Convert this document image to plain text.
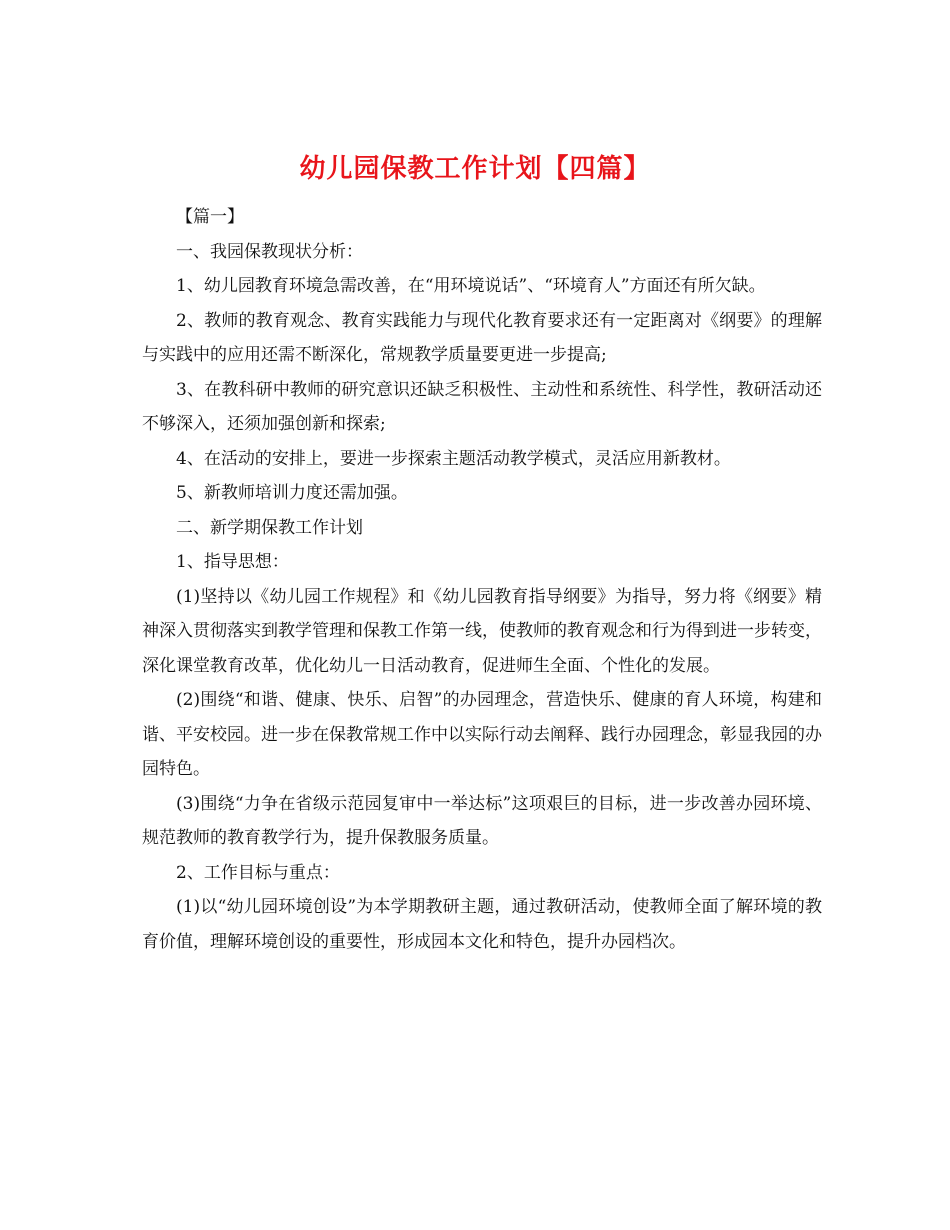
幼儿园保教工作计划【四篇】

【篇一】

一、我园保教现状分析：

1、幼儿园教育环境急需改善，在“用环境说话”、“环境育人”方面还有所欠缺。

2、教师的教育观念、教育实践能力与现代化教育要求还有一定距离对《纲要》的理解与实践中的应用还需不断深化，常规教学质量要更进一步提高;

3、在教科研中教师的研究意识还缺乏积极性、主动性和系统性、科学性，教研活动还不够深入，还须加强创新和探索;

4、在活动的安排上，要进一步探索主题活动教学模式，灵活应用新教材。

5、新教师培训力度还需加强。

二、新学期保教工作计划

1、指导思想：

(1)坚持以《幼儿园工作规程》和《幼儿园教育指导纲要》为指导，努力将《纲要》精神深入贯彻落实到教学管理和保教工作第一线，使教师的教育观念和行为得到进一步转变，深化课堂教育改革，优化幼儿一日活动教育，促进师生全面、个性化的发展。

(2)围绕“和谐、健康、快乐、启智”的办园理念，营造快乐、健康的育人环境，构建和谐、平安校园。进一步在保教常规工作中以实际行动去阐释、践行办园理念，彰显我园的办园特色。

(3)围绕“力争在省级示范园复审中一举达标”这项艰巨的目标，进一步改善办园环境、规范教师的教育教学行为，提升保教服务质量。

2、工作目标与重点：

(1)以“幼儿园环境创设”为本学期教研主题，通过教研活动，使教师全面了解环境的教育价值，理解环境创设的重要性，形成园本文化和特色，提升办园档次。
